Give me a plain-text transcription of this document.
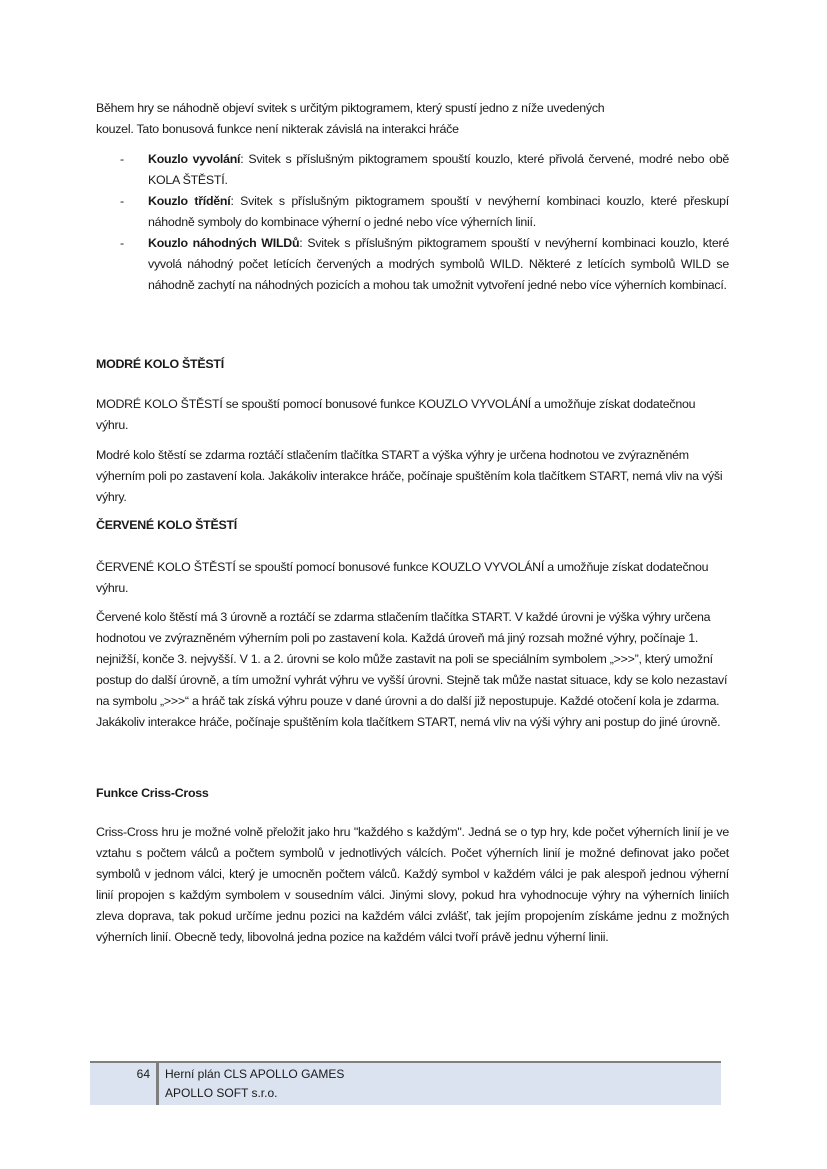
Během hry se náhodně objeví svitek s určitým piktogramem, který spustí jedno z níže uvedených
kouzel. Tato bonusová funkce není nikterak závislá na interakci hráče

- Kouzlo vyvolání: Svitek s příslušným piktogramem spouští kouzlo, které přivolá červené, modré nebo obě KOLA ŠTĚSTÍ.
- Kouzlo třídění: Svitek s příslušným piktogramem spouští v nevýherní kombinaci kouzlo, které přeskupí náhodně symboly do kombinace výherní o jedné nebo více výherních linií.
- Kouzlo náhodných WILDů: Svitek s příslušným piktogramem spouští v nevýherní kombinaci kouzlo, které vyvolá náhodný počet letících červených a modrých symbolů WILD. Některé z letících symbolů WILD se náhodně zachytí na náhodných pozicích a mohou tak umožnit vytvoření jedné nebo více výherních kombinací.
MODRÉ KOLO ŠTĚSTÍ

MODRÉ KOLO ŠTĚSTÍ se spouští pomocí bonusové funkce KOUZLO VYVOLÁNÍ a umožňuje získat dodatečnou výhru.

Modré kolo štěstí se zdarma roztáčí stlačením tlačítka START a výška výhry je určena hodnotou ve zvýrazněném výherním poli po zastavení kola. Jakákoliv interakce hráče, počínaje spuštěním kola tlačítkem START, nemá vliv na výši výhry.

ČERVENÉ KOLO ŠTĚSTÍ

ČERVENÉ KOLO ŠTĚSTÍ se spouští pomocí bonusové funkce KOUZLO VYVOLÁNÍ a umožňuje získat dodatečnou výhru.

Červené kolo štěstí má 3 úrovně a roztáčí se zdarma stlačením tlačítka START. V každé úrovni je výška výhry určena hodnotou ve zvýrazněném výherním poli po zastavení kola. Každá úroveň má jiný rozsah možné výhry, počínaje 1. nejnižší, konče 3. nejvyšší. V 1. a 2. úrovni se kolo může zastavit na poli se speciálním symbolem „>>>”, který umožní postup do další úrovně, a tím umožní vyhrát výhru ve vyšší úrovni. Stejně tak může nastat situace, kdy se kolo nezastaví na symbolu „>>>“ a hráč tak získá výhru pouze v dané úrovni a do další již nepostupuje. Každé otočení kola je zdarma. Jakákoliv interakce hráče, počínaje spuštěním kola tlačítkem START, nemá vliv na výši výhry ani postup do jiné úrovně.

Funkce Criss-Cross

Criss-Cross hru je možné volně přeložit jako hru "každého s každým". Jedná se o typ hry, kde počet výherních linií je ve vztahu s počtem válců a počtem symbolů v jednotlivých válcích. Počet výherních linií je možné definovat jako počet symbolů v jednom válci, který je umocněn počtem válců. Každý symbol v každém válci je pak alespoň jednou výherní linií propojen s každým symbolem v sousedním válci. Jinými slovy, pokud hra vyhodnocuje výhry na výherních liniích zleva doprava, tak pokud určíme jednu pozici na každém válci zvlášť, tak jejím propojením získáme jednu z možných výherních linií. Obecně tedy, libovolná jedna pozice na každém válci tvoří právě jednu výherní linii.

64 Herní plán CLS APOLLO GAMES
APOLLO SOFT s.r.o.
